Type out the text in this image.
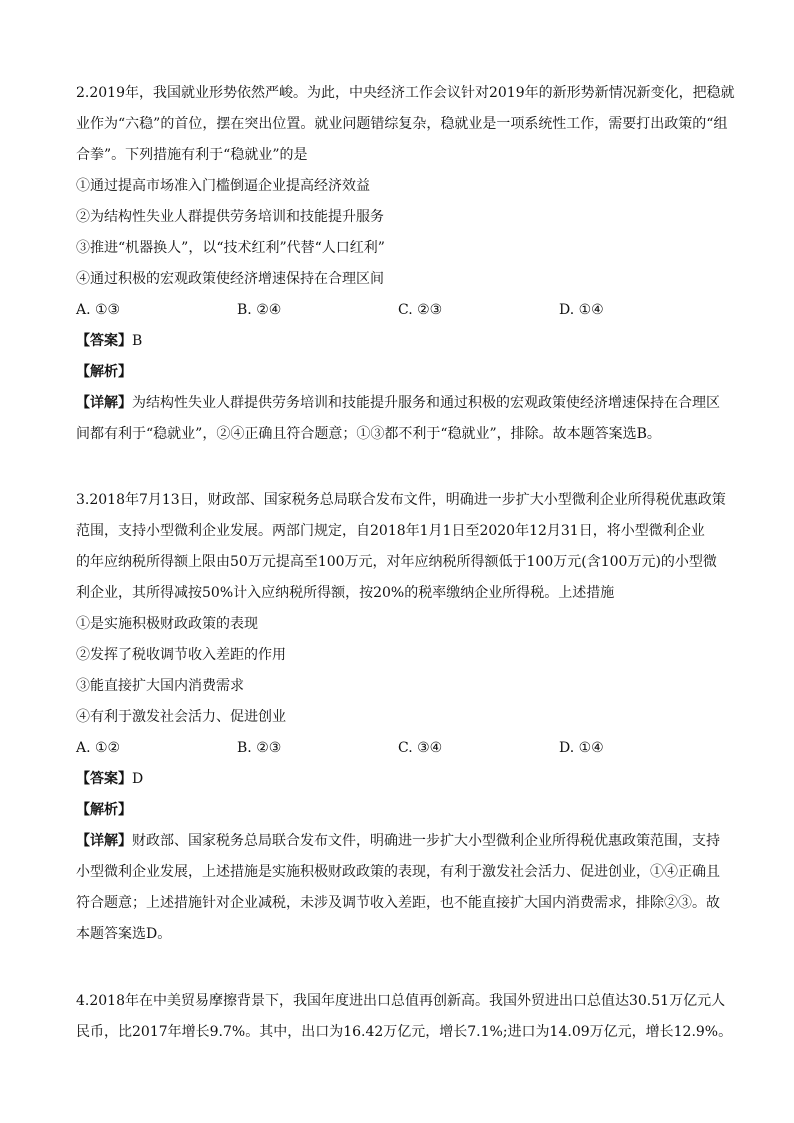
2.2019年，我国就业形势依然严峻。为此，中央经济工作会议针对2019年的新形势新情况新变化，把稳就
业作为“六稳”的首位，摆在突出位置。就业问题错综复杂，稳就业是一项系统性工作，需要打出政策的“组
合拳”。下列措施有利于“稳就业”的是
①通过提高市场准入门槛倒逼企业提高经济效益
②为结构性失业人群提供劳务培训和技能提升服务
③推进“机器换人”，以“技术红利”代替“人口红利”
④通过积极的宏观政策使经济增速保持在合理区间
A. ①③	B. ②④	C. ②③	D. ①④
【答案】B
【解析】
【详解】为结构性失业人群提供劳务培训和技能提升服务和通过积极的宏观政策使经济增速保持在合理区
间都有利于“稳就业”，②④正确且符合题意；①③都不利于“稳就业”，排除。故本题答案选B。
3.2018年7月13日，财政部、国家税务总局联合发布文件，明确进一步扩大小型微利企业所得税优惠政策
范围，支持小型微利企业发展。两部门规定，自2018年1月1日至2020年12月31日，将小型微利企业
的年应纳税所得额上限由50万元提高至100万元，对年应纳税所得额低于100万元(含100万元)的小型微
利企业，其所得减按50%计入应纳税所得额，按20%的税率缴纳企业所得税。上述措施
①是实施积极财政政策的表现
②发挥了税收调节收入差距的作用
③能直接扩大国内消费需求
④有利于激发社会活力、促进创业
A. ①②	B. ②③	C. ③④	D. ①④
【答案】D
【解析】
【详解】财政部、国家税务总局联合发布文件，明确进一步扩大小型微利企业所得税优惠政策范围，支持
小型微利企业发展，上述措施是实施积极财政政策的表现，有利于激发社会活力、促进创业，①④正确且
符合题意；上述措施针对企业减税，未涉及调节收入差距，也不能直接扩大国内消费需求，排除②③。故
本题答案选D。
4.2018年在中美贸易摩擦背景下，我国年度进出口总值再创新高。我国外贸进出口总值达30.51万亿元人
民币，比2017年增长9.7%。其中，出口为16.42万亿元，增长7.1%;进口为14.09万亿元，增长12.9%。
